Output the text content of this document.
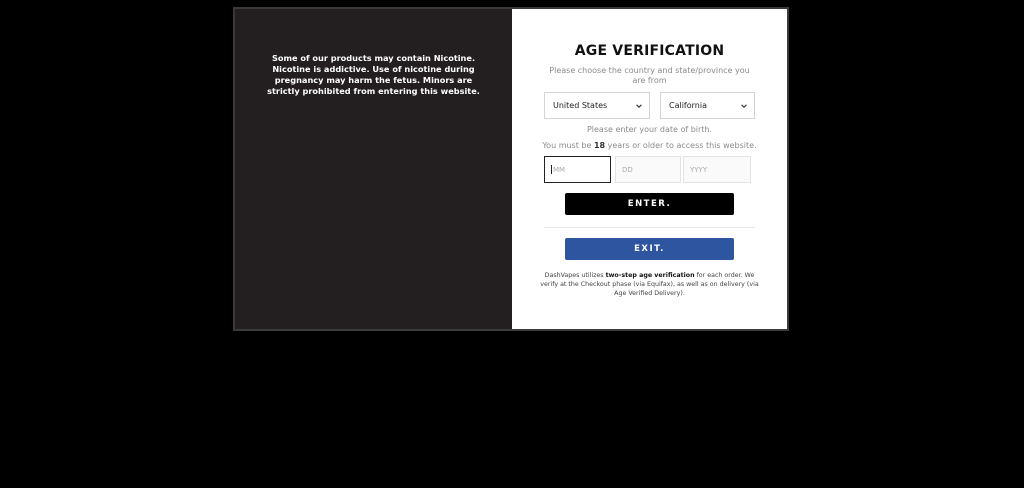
Some of our products may contain Nicotine. Nicotine is addictive. Use of nicotine during pregnancy may harm the fetus. Minors are strictly prohibited from entering this website.

AGE VERIFICATION

Please choose the country and state/province you are from

United States	California

Please enter your date of birth.

You must be 18 years or older to access this website.

MM	DD	YYYY
ENTER.
EXIT.

DashVapes utilizes two-step age verification for each order. We verify at the Checkout phase (via Equifax), as well as on delivery (via Age Verified Delivery).
